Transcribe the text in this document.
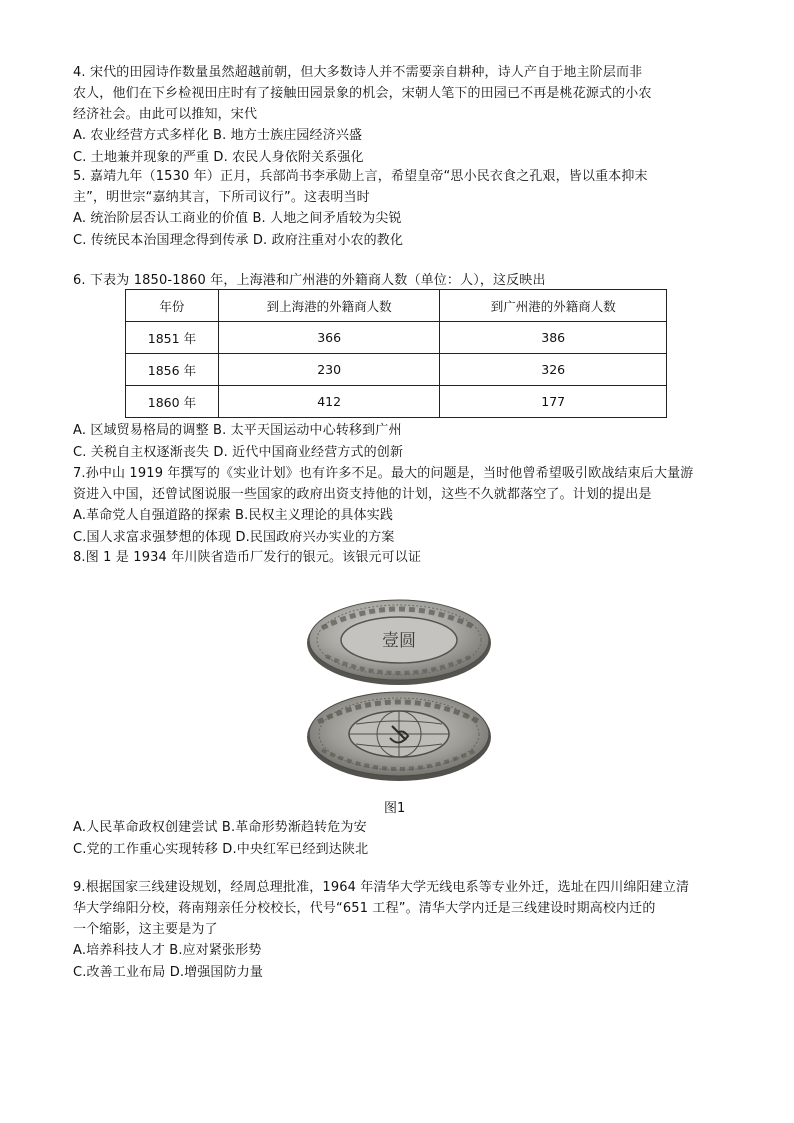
4. 宋代的田园诗作数量虽然超越前朝，但大多数诗人并不需要亲自耕种，诗人产自于地主阶层而非
农人，他们在下乡检视田庄时有了接触田园景象的机会，宋朝人笔下的田园已不再是桃花源式的小农
经济社会。由此可以推知，宋代
A. 农业经营方式多样化 B. 地方士族庄园经济兴盛
C. 土地兼并现象的严重 D. 农民人身依附关系强化
5. 嘉靖九年（1530 年）正月，兵部尚书李承勋上言，希望皇帝“思小民衣食之孔艰，皆以重本抑末
主”，明世宗“嘉纳其言，下所司议行”。这表明当时
A. 统治阶层否认工商业的价值 B. 人地之间矛盾较为尖锐
C. 传统民本治国理念得到传承 D. 政府注重对小农的教化
6. 下表为 1850-1860 年，上海港和广州港的外籍商人数（单位：人），这反映出
年份	到上海港的外籍商人数	到广州港的外籍商人数
1851 年	366	386
1856 年	230	326
1860 年	412	177
A. 区域贸易格局的调整 B. 太平天国运动中心转移到广州
C. 关税自主权逐渐丧失 D. 近代中国商业经营方式的创新
7.孙中山 1919 年撰写的《实业计划》也有许多不足。最大的问题是，当时他曾希望吸引欧战结束后大量游
资进入中国，还曾试图说服一些国家的政府出资支持他的计划，这些不久就都落空了。计划的提出是
A.革命党人自强道路的探索 B.民权主义理论的具体实践
C.国人求富求强梦想的体现 D.民国政府兴办实业的方案
8.图 1 是 1934 年川陕省造币厂发行的银元。该银元可以证
壹圆
图1
A.人民革命政权创建尝试 B.革命形势渐趋转危为安
C.党的工作重心实现转移 D.中央红军已经到达陕北
9.根据国家三线建设规划，经周总理批准，1964 年清华大学无线电系等专业外迁，选址在四川绵阳建立清
华大学绵阳分校，蒋南翔亲任分校校长，代号“651 工程”。清华大学内迁是三线建设时期高校内迁的
一个缩影，这主要是为了
A.培养科技人才 B.应对紧张形势
C.改善工业布局 D.增强国防力量
